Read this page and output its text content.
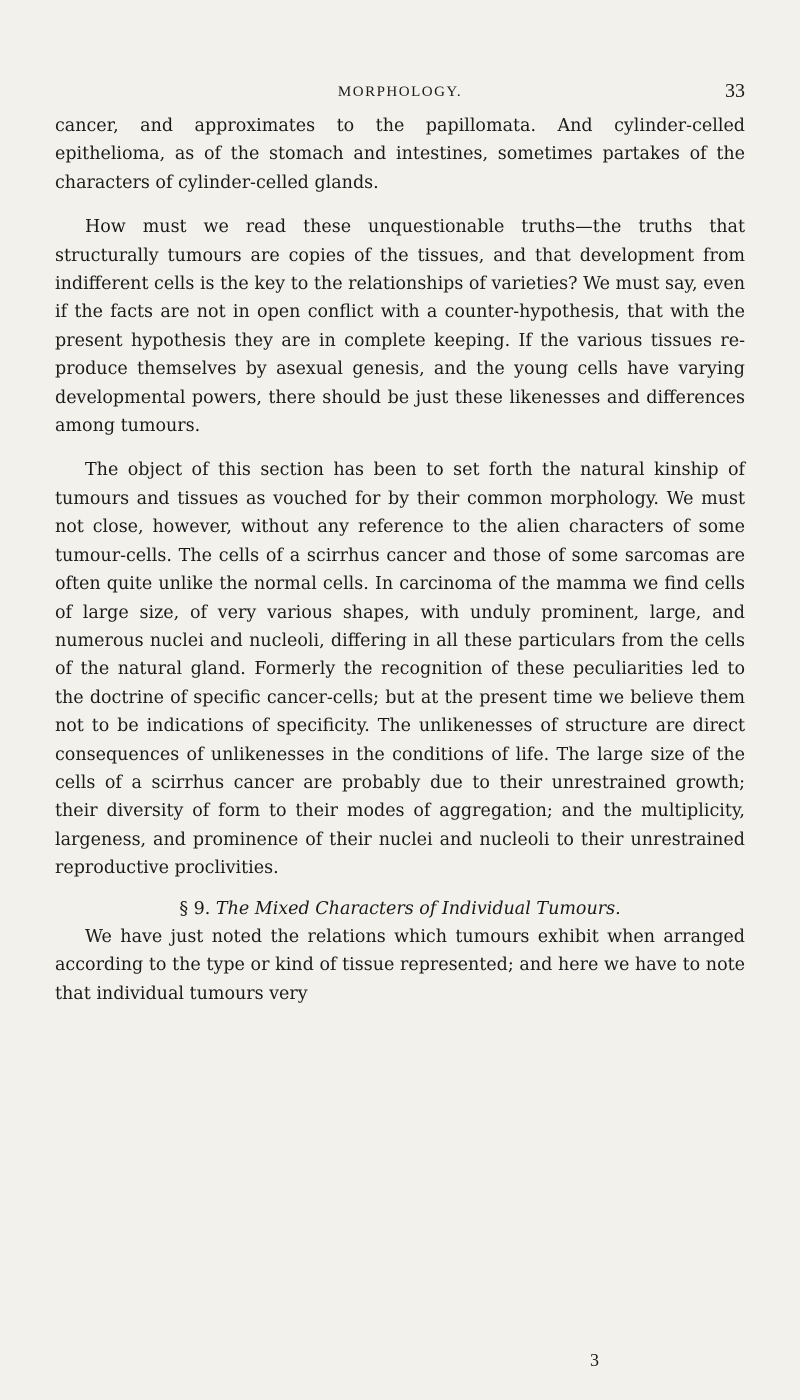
MORPHOLOGY.	33

cancer, and approximates to the papillomata. And cylinder-celled epithelioma, as of the stomach and intestines, sometimes partakes of the characters of cylinder-celled glands.

How must we read these unquestionable truths—the truths that structurally tumours are copies of the tissues, and that development from indifferent cells is the key to the relationships of varieties? We must say, even if the facts are not in open conflict with a counter-hypothesis, that with the present hypothesis they are in complete keeping. If the various tissues reproduce themselves by asexual genesis, and the young cells have varying developmental powers, there should be just these likenesses and differences among tumours.

The object of this section has been to set forth the natural kinship of tumours and tissues as vouched for by their common morphology. We must not close, however, without any reference to the alien characters of some tumour-cells. The cells of a scirrhus cancer and those of some sarcomas are often quite unlike the normal cells. In carcinoma of the mamma we find cells of large size, of very various shapes, with unduly prominent, large, and numerous nuclei and nucleoli, differing in all these particulars from the cells of the natural gland. Formerly the recognition of these peculiarities led to the doctrine of specific cancer-cells; but at the present time we believe them not to be indications of specificity. The unlikenesses of structure are direct consequences of unlikenesses in the conditions of life. The large size of the cells of a scirrhus cancer are probably due to their unrestrained growth; their diversity of form to their modes of aggregation; and the multiplicity, largeness, and prominence of their nuclei and nucleoli to their unrestrained reproductive proclivities.

§ 9. The Mixed Characters of Individual Tumours.

We have just noted the relations which tumours exhibit when arranged according to the type or kind of tissue represented; and here we have to note that individual tumours very

3
